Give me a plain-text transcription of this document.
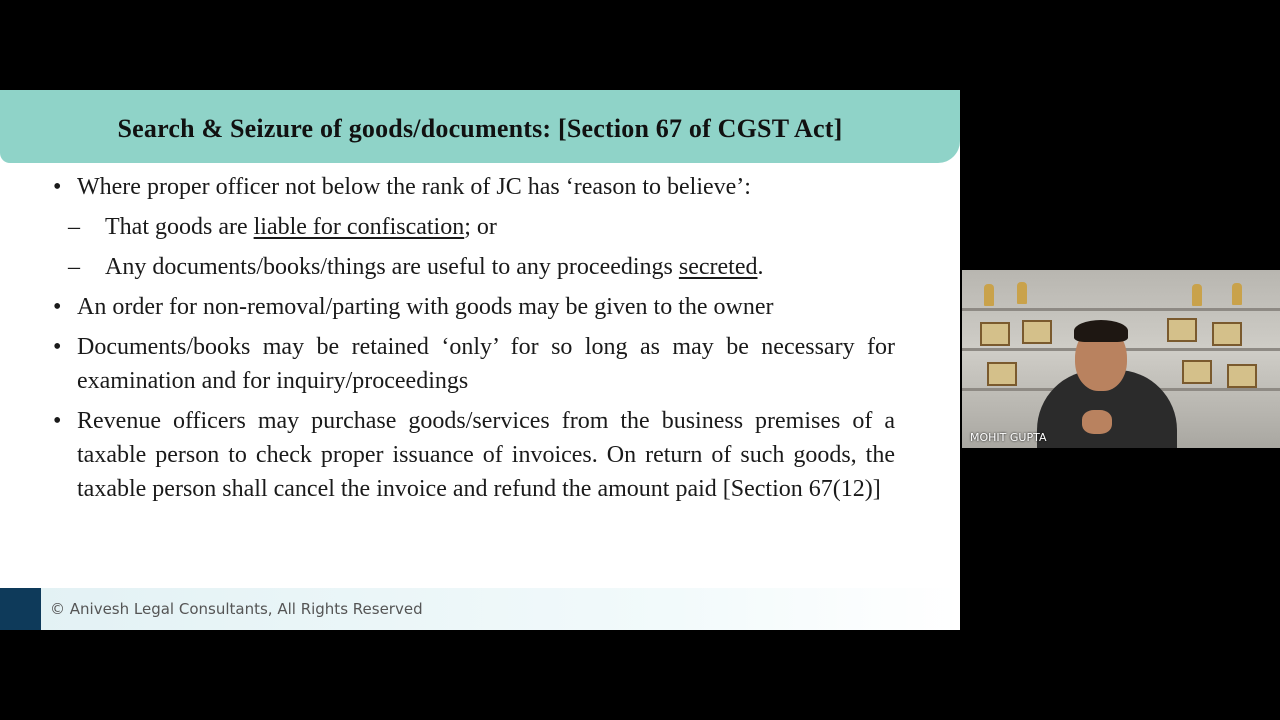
Search & Seizure of goods/documents: [Section 67 of CGST Act]
• Where proper officer not below the rank of JC has ‘reason to believe’:
– That goods are liable for confiscation; or
– Any documents/books/things are useful to any proceedings secreted.
• An order for non-removal/parting with goods may be given to the owner
• Documents/books may be retained ‘only’ for so long as may be necessary for examination and for inquiry/proceedings
• Revenue officers may purchase goods/services from the business premises of a taxable person to check proper issuance of invoices. On return of such goods, the taxable person shall cancel the invoice and refund the amount paid [Section 67(12)]
© Anivesh Legal Consultants, All Rights Reserved
MOHIT GUPTA
